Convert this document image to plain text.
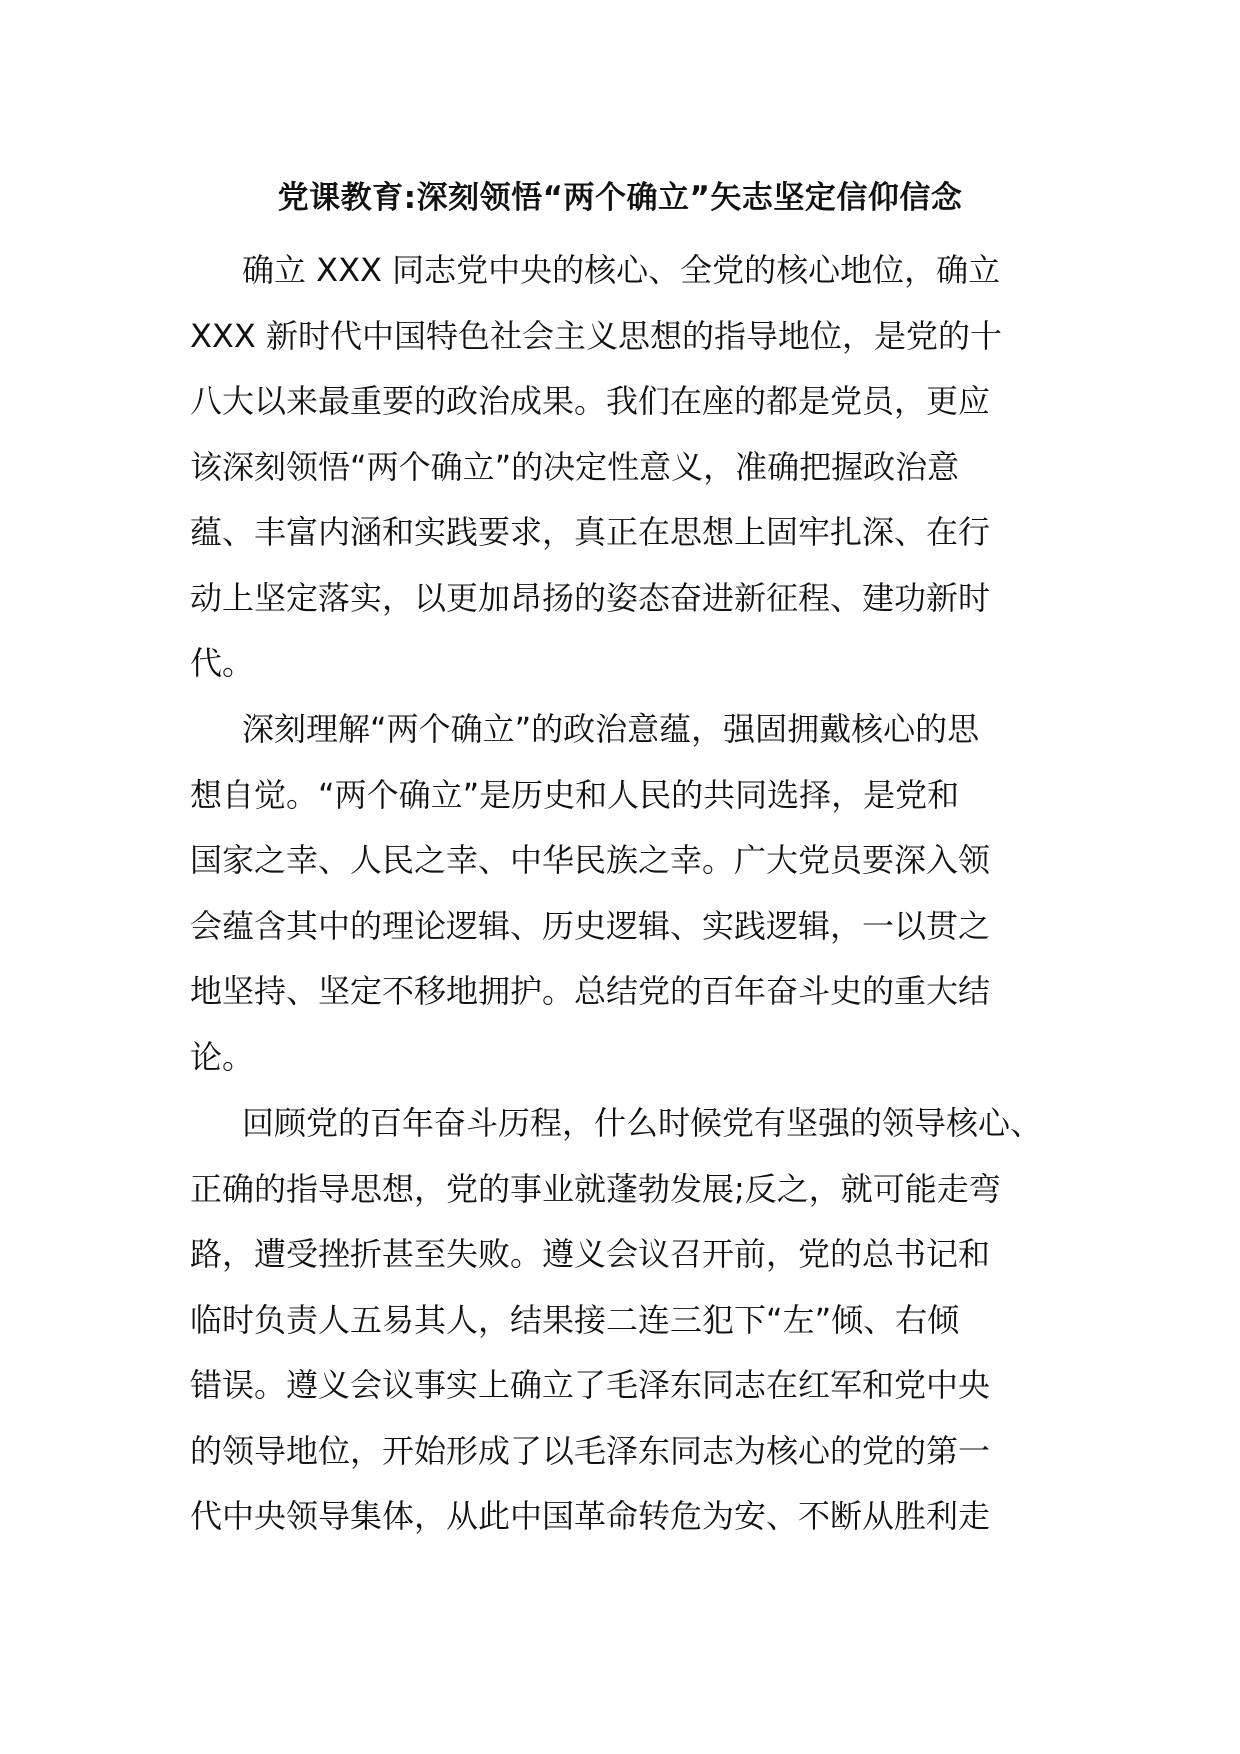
党课教育:深刻领悟“两个确立”矢志坚定信仰信念
确立 XXX 同志党中央的核心、全党的核心地位，确立
XXX 新时代中国特色社会主义思想的指导地位，是党的十
八大以来最重要的政治成果。我们在座的都是党员，更应
该深刻领悟“两个确立”的决定性意义，准确把握政治意
蕴、丰富内涵和实践要求，真正在思想上固牢扎深、在行
动上坚定落实，以更加昂扬的姿态奋进新征程、建功新时
代。
深刻理解“两个确立”的政治意蕴，强固拥戴核心的思
想自觉。“两个确立”是历史和人民的共同选择，是党和
国家之幸、人民之幸、中华民族之幸。广大党员要深入领
会蕴含其中的理论逻辑、历史逻辑、实践逻辑，一以贯之
地坚持、坚定不移地拥护。总结党的百年奋斗史的重大结
论。
回顾党的百年奋斗历程，什么时候党有坚强的领导核心、
正确的指导思想，党的事业就蓬勃发展;反之，就可能走弯
路，遭受挫折甚至失败。遵义会议召开前，党的总书记和
临时负责人五易其人，结果接二连三犯下“左”倾、右倾
错误。遵义会议事实上确立了毛泽东同志在红军和党中央
的领导地位，开始形成了以毛泽东同志为核心的党的第一
代中央领导集体，从此中国革命转危为安、不断从胜利走
